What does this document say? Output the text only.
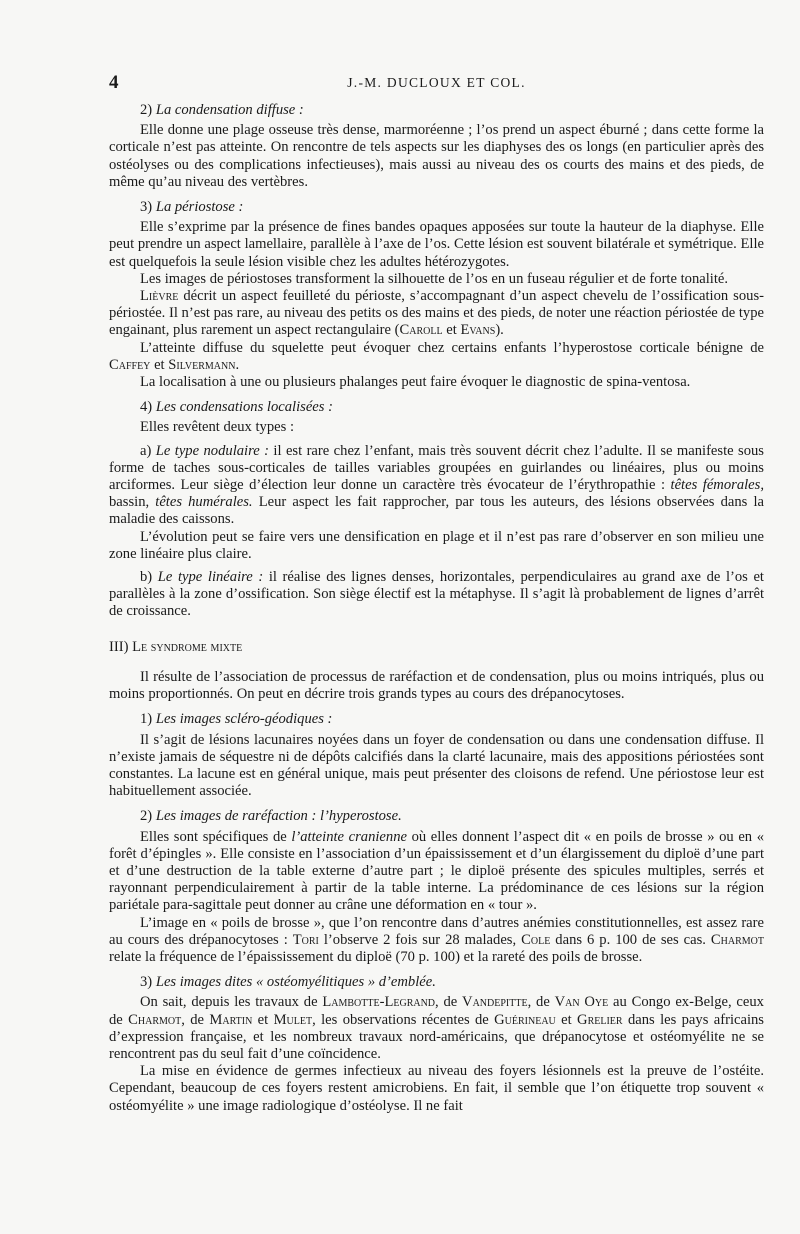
4	J.-M. DUCLOUX ET COL.
2) La condensation diffuse :

Elle donne une plage osseuse très dense, marmoréenne ; l’os prend un aspect éburné ; dans cette forme la corticale n’est pas atteinte. On rencontre de tels aspects sur les diaphyses des os longs (en particulier après des ostéolyses ou des complications infectieuses), mais aussi au niveau des os courts des mains et des pieds, de même qu’au niveau des vertèbres.

3) La périostose :

Elle s’exprime par la présence de fines bandes opaques apposées sur toute la hauteur de la diaphyse. Elle peut prendre un aspect lamellaire, parallèle à l’axe de l’os. Cette lésion est souvent bilatérale et symétrique. Elle est quelquefois la seule lésion visible chez les adultes hétérozygotes.

Les images de périostoses transforment la silhouette de l’os en un fuseau régulier et de forte tonalité.

Lièvre décrit un aspect feuilleté du périoste, s’accompagnant d’un aspect chevelu de l’ossification sous-périostée. Il n’est pas rare, au niveau des petits os des mains et des pieds, de noter une réaction périostée de type engainant, plus rarement un aspect rectangulaire (Caroll et Evans).

L’atteinte diffuse du squelette peut évoquer chez certains enfants l’hyperostose corticale bénigne de Caffey et Silvermann.

La localisation à une ou plusieurs phalanges peut faire évoquer le diagnostic de spina-ventosa.

4) Les condensations localisées :

Elles revêtent deux types :

a) Le type nodulaire : il est rare chez l’enfant, mais très souvent décrit chez l’adulte. Il se manifeste sous forme de taches sous-corticales de tailles variables groupées en guirlandes ou linéaires, plus ou moins arciformes. Leur siège d’élection leur donne un caractère très évocateur de l’érythropathie : têtes fémorales, bassin, têtes humérales. Leur aspect les fait rapprocher, par tous les auteurs, des lésions observées dans la maladie des caissons.

L’évolution peut se faire vers une densification en plage et il n’est pas rare d’observer en son milieu une zone linéaire plus claire.

b) Le type linéaire : il réalise des lignes denses, horizontales, perpendiculaires au grand axe de l’os et parallèles à la zone d’ossification. Son siège électif est la métaphyse. Il s’agit là probablement de lignes d’arrêt de croissance.

III) Le syndrome mixte

Il résulte de l’association de processus de raréfaction et de condensation, plus ou moins intriqués, plus ou moins proportionnés. On peut en décrire trois grands types au cours des drépanocytoses.

1) Les images scléro-géodiques :

Il s’agit de lésions lacunaires noyées dans un foyer de condensation ou dans une condensation diffuse. Il n’existe jamais de séquestre ni de dépôts calcifiés dans la clarté lacunaire, mais des appositions périostées sont constantes. La lacune est en général unique, mais peut présenter des cloisons de refend. Une périostose leur est habituellement associée.

2) Les images de raréfaction : l’hyperostose.

Elles sont spécifiques de l’atteinte cranienne où elles donnent l’aspect dit « en poils de brosse » ou en « forêt d’épingles ». Elle consiste en l’association d’un épaississement et d’un élargissement du diploë d’une part et d’une destruction de la table externe d’autre part ; le diploë présente des spicules multiples, serrés et rayonnant perpendiculairement à partir de la table interne. La prédominance de ces lésions sur la région pariétale para-sagittale peut donner au crâne une déformation en « tour ».

L’image en « poils de brosse », que l’on rencontre dans d’autres anémies constitutionnelles, est assez rare au cours des drépanocytoses : Tori l’observe 2 fois sur 28 malades, Cole dans 6 p. 100 de ses cas. Charmot relate la fréquence de l’épaississement du diploë (70 p. 100) et la rareté des poils de brosse.

3) Les images dites « ostéomyélitiques » d’emblée.

On sait, depuis les travaux de Lambotte-Legrand, de Vandepitte, de Van Oye au Congo ex-Belge, ceux de Charmot, de Martin et Mulet, les observations récentes de Guérineau et Grelier dans les pays africains d’expression française, et les nombreux travaux nord-américains, que drépanocytose et ostéomyélite ne se rencontrent pas du seul fait d’une coïncidence.

La mise en évidence de germes infectieux au niveau des foyers lésionnels est la preuve de l’ostéite. Cependant, beaucoup de ces foyers restent amicrobiens. En fait, il semble que l’on étiquette trop souvent « ostéomyélite » une image radiologique d’ostéolyse. Il ne fait
